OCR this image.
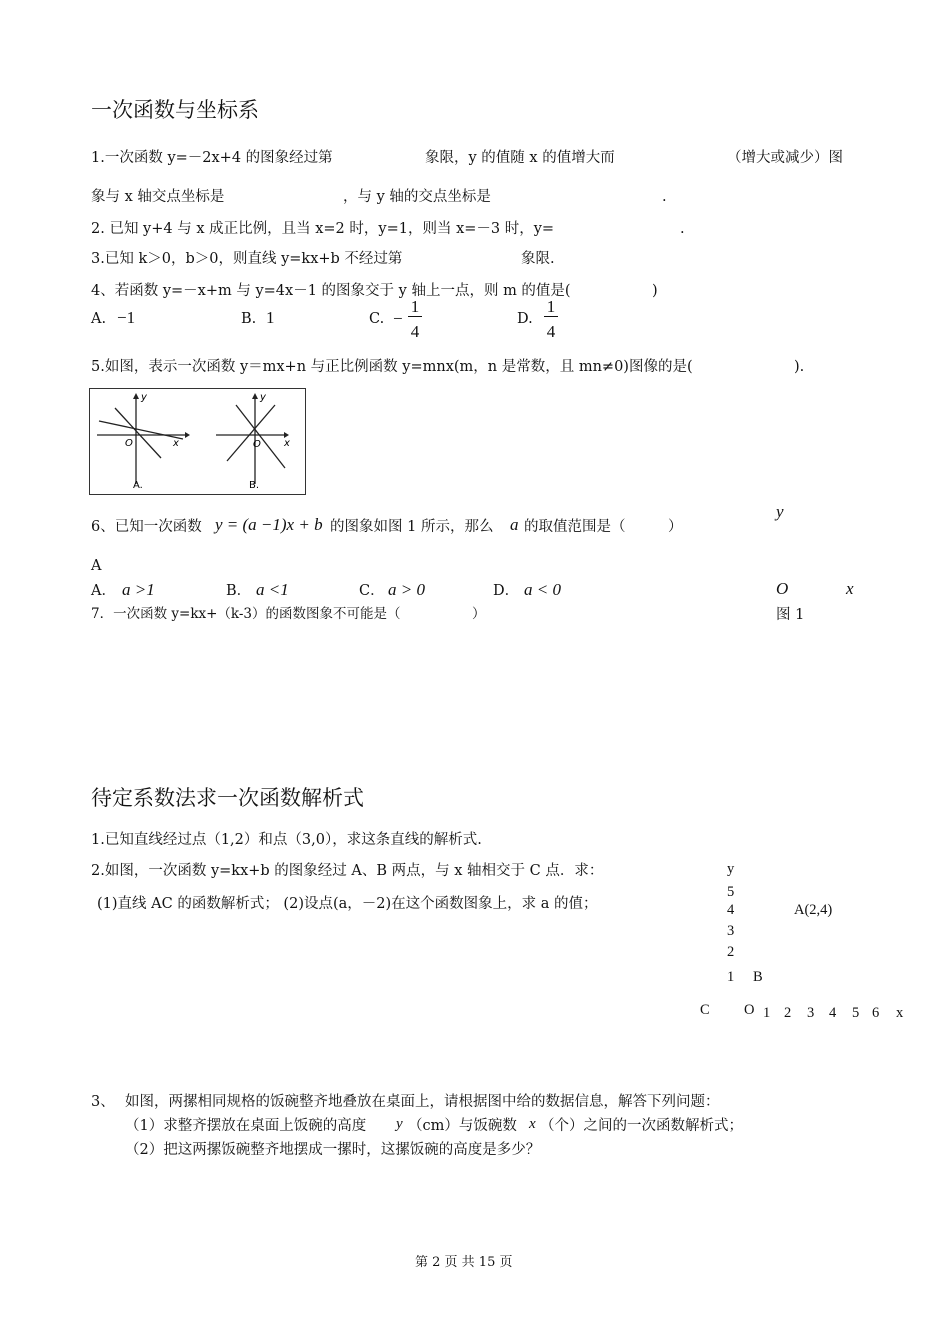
一次函数与坐标系
1.一次函数 y=－2x+4 的图象经过第	象限，y 的值随 x 的值增大而	（增大或减少）图
象与 x 轴交点坐标是	，与 y 轴的交点坐标是	.
2. 已知 y+4 与 x 成正比例，且当 x=2 时，y=1，则当 x=－3 时，y=	.
3.已知 k＞0，b＞0，则直线 y=kx+b 不经过第	象限.
4、若函数 y=－x+m 与 y=4x－1 的图象交于 y 轴上一点，则 m 的值是(	)
A. −1	B. 1	C. −
1
4
D.
1
4
5.如图，表示一次函数 y＝mx+n 与正比例函数 y=mnx(m，n 是常数，且 mn≠0)图像的是(	).
y
x
O
A.
y
x
O
B.
6、已知一次函数 y = (a −1)x + b 的图象如图 1 所示，那么 a 的取值范围是（	）
A
A． a >1	B． a <1	C． a > 0	D． a < 0
y
O	x
图 1
7．一次函数 y=kx+（k-3）的函数图象不可能是（	）
待定系数法求一次函数解析式
1.已知直线经过点（1,2）和点（3,0），求这条直线的解析式.
2.如图，一次函数 y=kx+b 的图象经过 A、B 两点，与 x 轴相交于 C 点．求：
(1)直线 AC 的函数解析式； (2)设点(a，－2)在这个函数图象上，求 a 的值；
y
5
4
3
2
1
A(2,4)
B
C O 1 2 3 4 5 6 x
3、 如图，两摞相同规格的饭碗整齐地叠放在桌面上，请根据图中给的数据信息，解答下列问题：
（1）求整齐摆放在桌面上饭碗的高度 y （cm）与饭碗数 x （个）之间的一次函数解析式；
（2）把这两摞饭碗整齐地摆成一摞时，这摞饭碗的高度是多少？
第 2 页 共 15 页
